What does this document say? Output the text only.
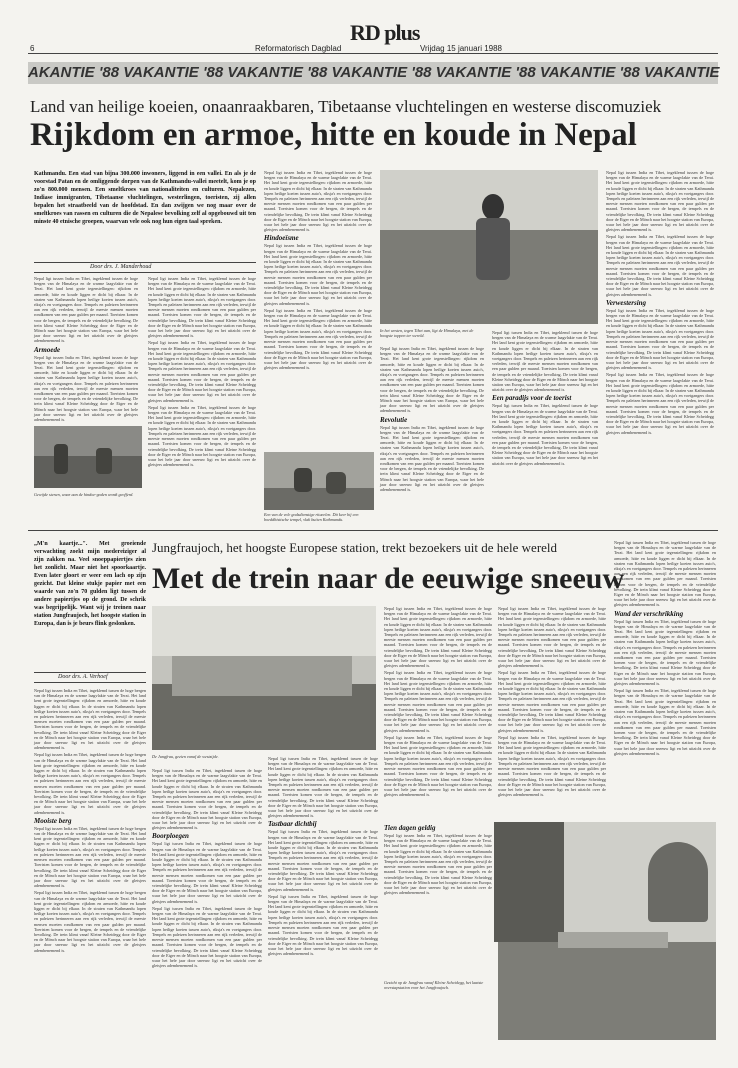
6	Reformatorisch Dagblad
RD plus
Vrijdag 15 januari 1988
AKANTIE '88 VAKANTIE '88 VAKANTIE '88 VAKANTIE '88 VAKANTIE '88 VAKANTIE '88 VAKANTIE
Land van heilige koeien, onaanraakbaren, Tibetaanse vluchtelingen en westerse discomuziek
Rijkdom en armoe, hitte en koude in Nepal
Kathmandu. Een stad van bijna 300.000 inwoners, liggend in een vallei. En als je de voorstad Patan en de omliggende dorpen van de Kathmandu-vallei meetelt, kom je op zo'n 800.000 mensen. Een smeltkroes van nationaliteiten en culturen. Nepalezen, Indiase immigranten, Tibetaanse vluchtelingen, westerlingen, toeristen, zij allen bepalen het straatbeeld van de hoofdstad. En dan zwijgen we nog maar over de smeltkroes van rassen en culturen die de Nepalese bevolking zelf al opgebouwd uit ten minste 40 etnische groepen, waarvan vele ook nog hun eigen taal spreken.
Door drs. J. Manderhoud

Nepal ligt tussen India en Tibet, ingeklemd tussen de hoge bergen van de Himalaya en de warme laagvlakte van de Terai. Het land kent grote tegenstellingen: rijkdom en armoede, hitte en koude liggen er dicht bij elkaar. In de straten van Kathmandu lopen heilige koeien tussen auto's, riksja's en voetgangers door. Tempels en paleizen herinneren aan een rijk verleden, terwijl de meeste mensen moeten rondkomen van een paar gulden per maand. Toeristen komen voor de bergen, de tempels en de vriendelijke bevolking. De trein klimt vanaf Kleine Scheidegg door de Eiger en de Mönch naar het hoogste station van Europa, waar het hele jaar door sneeuw ligt en het uitzicht over de gletsjers adembenemend is.

Armoede

Nepal ligt tussen India en Tibet, ingeklemd tussen de hoge bergen van de Himalaya en de warme laagvlakte van de Terai. Het land kent grote tegenstellingen: rijkdom en armoede, hitte en koude liggen er dicht bij elkaar. In de straten van Kathmandu lopen heilige koeien tussen auto's, riksja's en voetgangers door. Tempels en paleizen herinneren aan een rijk verleden, terwijl de meeste mensen moeten rondkomen van een paar gulden per maand. Toeristen komen voor de bergen, de tempels en de vriendelijke bevolking. De trein klimt vanaf Kleine Scheidegg door de Eiger en de Mönch naar het hoogste station van Europa, waar het hele jaar door sneeuw ligt en het uitzicht over de gletsjers adembenemend is.

Gewijde stenen, waar aan de hindoe-goden wordt geofferd.

Nepal ligt tussen India en Tibet, ingeklemd tussen de hoge bergen van de Himalaya en de warme laagvlakte van de Terai. Het land kent grote tegenstellingen: rijkdom en armoede, hitte en koude liggen er dicht bij elkaar. In de straten van Kathmandu lopen heilige koeien tussen auto's, riksja's en voetgangers door. Tempels en paleizen herinneren aan een rijk verleden, terwijl de meeste mensen moeten rondkomen van een paar gulden per maand. Toeristen komen voor de bergen, de tempels en de vriendelijke bevolking. De trein klimt vanaf Kleine Scheidegg door de Eiger en de Mönch naar het hoogste station van Europa, waar het hele jaar door sneeuw ligt en het uitzicht over de gletsjers adembenemend is.

Nepal ligt tussen India en Tibet, ingeklemd tussen de hoge bergen van de Himalaya en de warme laagvlakte van de Terai. Het land kent grote tegenstellingen: rijkdom en armoede, hitte en koude liggen er dicht bij elkaar. In de straten van Kathmandu lopen heilige koeien tussen auto's, riksja's en voetgangers door. Tempels en paleizen herinneren aan een rijk verleden, terwijl de meeste mensen moeten rondkomen van een paar gulden per maand. Toeristen komen voor de bergen, de tempels en de vriendelijke bevolking. De trein klimt vanaf Kleine Scheidegg door de Eiger en de Mönch naar het hoogste station van Europa, waar het hele jaar door sneeuw ligt en het uitzicht over de gletsjers adembenemend is.

Nepal ligt tussen India en Tibet, ingeklemd tussen de hoge bergen van de Himalaya en de warme laagvlakte van de Terai. Het land kent grote tegenstellingen: rijkdom en armoede, hitte en koude liggen er dicht bij elkaar. In de straten van Kathmandu lopen heilige koeien tussen auto's, riksja's en voetgangers door. Tempels en paleizen herinneren aan een rijk verleden, terwijl de meeste mensen moeten rondkomen van een paar gulden per maand. Toeristen komen voor de bergen, de tempels en de vriendelijke bevolking. De trein klimt vanaf Kleine Scheidegg door de Eiger en de Mönch naar het hoogste station van Europa, waar het hele jaar door sneeuw ligt en het uitzicht over de gletsjers adembenemend is.

Nepal ligt tussen India en Tibet, ingeklemd tussen de hoge bergen van de Himalaya en de warme laagvlakte van de Terai. Het land kent grote tegenstellingen: rijkdom en armoede, hitte en koude liggen er dicht bij elkaar. In de straten van Kathmandu lopen heilige koeien tussen auto's, riksja's en voetgangers door. Tempels en paleizen herinneren aan een rijk verleden, terwijl de meeste mensen moeten rondkomen van een paar gulden per maand. Toeristen komen voor de bergen, de tempels en de vriendelijke bevolking. De trein klimt vanaf Kleine Scheidegg door de Eiger en de Mönch naar het hoogste station van Europa, waar het hele jaar door sneeuw ligt en het uitzicht over de gletsjers adembenemend is.

Hindoeïsme

Nepal ligt tussen India en Tibet, ingeklemd tussen de hoge bergen van de Himalaya en de warme laagvlakte van de Terai. Het land kent grote tegenstellingen: rijkdom en armoede, hitte en koude liggen er dicht bij elkaar. In de straten van Kathmandu lopen heilige koeien tussen auto's, riksja's en voetgangers door. Tempels en paleizen herinneren aan een rijk verleden, terwijl de meeste mensen moeten rondkomen van een paar gulden per maand. Toeristen komen voor de bergen, de tempels en de vriendelijke bevolking. De trein klimt vanaf Kleine Scheidegg door de Eiger en de Mönch naar het hoogste station van Europa, waar het hele jaar door sneeuw ligt en het uitzicht over de gletsjers adembenemend is.

Nepal ligt tussen India en Tibet, ingeklemd tussen de hoge bergen van de Himalaya en de warme laagvlakte van de Terai. Het land kent grote tegenstellingen: rijkdom en armoede, hitte en koude liggen er dicht bij elkaar. In de straten van Kathmandu lopen heilige koeien tussen auto's, riksja's en voetgangers door. Tempels en paleizen herinneren aan een rijk verleden, terwijl de meeste mensen moeten rondkomen van een paar gulden per maand. Toeristen komen voor de bergen, de tempels en de vriendelijke bevolking. De trein klimt vanaf Kleine Scheidegg door de Eiger en de Mönch naar het hoogste station van Europa, waar het hele jaar door sneeuw ligt en het uitzicht over de gletsjers adembenemend is.

Een van de vele godsdienstige ritueelen. Dit keer bij een boeddhistische tempel, vlak buiten Kathmandu.
In het westen, tegen Tibet aan, ligt de Himalaya, met de hoogste toppen ter wereld.

Nepal ligt tussen India en Tibet, ingeklemd tussen de hoge bergen van de Himalaya en de warme laagvlakte van de Terai. Het land kent grote tegenstellingen: rijkdom en armoede, hitte en koude liggen er dicht bij elkaar. In de straten van Kathmandu lopen heilige koeien tussen auto's, riksja's en voetgangers door. Tempels en paleizen herinneren aan een rijk verleden, terwijl de meeste mensen moeten rondkomen van een paar gulden per maand. Toeristen komen voor de bergen, de tempels en de vriendelijke bevolking. De trein klimt vanaf Kleine Scheidegg door de Eiger en de Mönch naar het hoogste station van Europa, waar het hele jaar door sneeuw ligt en het uitzicht over de gletsjers adembenemend is.

Revolutie

Nepal ligt tussen India en Tibet, ingeklemd tussen de hoge bergen van de Himalaya en de warme laagvlakte van de Terai. Het land kent grote tegenstellingen: rijkdom en armoede, hitte en koude liggen er dicht bij elkaar. In de straten van Kathmandu lopen heilige koeien tussen auto's, riksja's en voetgangers door. Tempels en paleizen herinneren aan een rijk verleden, terwijl de meeste mensen moeten rondkomen van een paar gulden per maand. Toeristen komen voor de bergen, de tempels en de vriendelijke bevolking. De trein klimt vanaf Kleine Scheidegg door de Eiger en de Mönch naar het hoogste station van Europa, waar het hele jaar door sneeuw ligt en het uitzicht over de gletsjers adembenemend is.

Nepal ligt tussen India en Tibet, ingeklemd tussen de hoge bergen van de Himalaya en de warme laagvlakte van de Terai. Het land kent grote tegenstellingen: rijkdom en armoede, hitte en koude liggen er dicht bij elkaar. In de straten van Kathmandu lopen heilige koeien tussen auto's, riksja's en voetgangers door. Tempels en paleizen herinneren aan een rijk verleden, terwijl de meeste mensen moeten rondkomen van een paar gulden per maand. Toeristen komen voor de bergen, de tempels en de vriendelijke bevolking. De trein klimt vanaf Kleine Scheidegg door de Eiger en de Mönch naar het hoogste station van Europa, waar het hele jaar door sneeuw ligt en het uitzicht over de gletsjers adembenemend is.

Een paradijs voor de toerist

Nepal ligt tussen India en Tibet, ingeklemd tussen de hoge bergen van de Himalaya en de warme laagvlakte van de Terai. Het land kent grote tegenstellingen: rijkdom en armoede, hitte en koude liggen er dicht bij elkaar. In de straten van Kathmandu lopen heilige koeien tussen auto's, riksja's en voetgangers door. Tempels en paleizen herinneren aan een rijk verleden, terwijl de meeste mensen moeten rondkomen van een paar gulden per maand. Toeristen komen voor de bergen, de tempels en de vriendelijke bevolking. De trein klimt vanaf Kleine Scheidegg door de Eiger en de Mönch naar het hoogste station van Europa, waar het hele jaar door sneeuw ligt en het uitzicht over de gletsjers adembenemend is.

Nepal ligt tussen India en Tibet, ingeklemd tussen de hoge bergen van de Himalaya en de warme laagvlakte van de Terai. Het land kent grote tegenstellingen: rijkdom en armoede, hitte en koude liggen er dicht bij elkaar. In de straten van Kathmandu lopen heilige koeien tussen auto's, riksja's en voetgangers door. Tempels en paleizen herinneren aan een rijk verleden, terwijl de meeste mensen moeten rondkomen van een paar gulden per maand. Toeristen komen voor de bergen, de tempels en de vriendelijke bevolking. De trein klimt vanaf Kleine Scheidegg door de Eiger en de Mönch naar het hoogste station van Europa, waar het hele jaar door sneeuw ligt en het uitzicht over de gletsjers adembenemend is.

Nepal ligt tussen India en Tibet, ingeklemd tussen de hoge bergen van de Himalaya en de warme laagvlakte van de Terai. Het land kent grote tegenstellingen: rijkdom en armoede, hitte en koude liggen er dicht bij elkaar. In de straten van Kathmandu lopen heilige koeien tussen auto's, riksja's en voetgangers door. Tempels en paleizen herinneren aan een rijk verleden, terwijl de meeste mensen moeten rondkomen van een paar gulden per maand. Toeristen komen voor de bergen, de tempels en de vriendelijke bevolking. De trein klimt vanaf Kleine Scheidegg door de Eiger en de Mönch naar het hoogste station van Europa, waar het hele jaar door sneeuw ligt en het uitzicht over de gletsjers adembenemend is.

Verwestersing

Nepal ligt tussen India en Tibet, ingeklemd tussen de hoge bergen van de Himalaya en de warme laagvlakte van de Terai. Het land kent grote tegenstellingen: rijkdom en armoede, hitte en koude liggen er dicht bij elkaar. In de straten van Kathmandu lopen heilige koeien tussen auto's, riksja's en voetgangers door. Tempels en paleizen herinneren aan een rijk verleden, terwijl de meeste mensen moeten rondkomen van een paar gulden per maand. Toeristen komen voor de bergen, de tempels en de vriendelijke bevolking. De trein klimt vanaf Kleine Scheidegg door de Eiger en de Mönch naar het hoogste station van Europa, waar het hele jaar door sneeuw ligt en het uitzicht over de gletsjers adembenemend is.

Nepal ligt tussen India en Tibet, ingeklemd tussen de hoge bergen van de Himalaya en de warme laagvlakte van de Terai. Het land kent grote tegenstellingen: rijkdom en armoede, hitte en koude liggen er dicht bij elkaar. In de straten van Kathmandu lopen heilige koeien tussen auto's, riksja's en voetgangers door. Tempels en paleizen herinneren aan een rijk verleden, terwijl de meeste mensen moeten rondkomen van een paar gulden per maand. Toeristen komen voor de bergen, de tempels en de vriendelijke bevolking. De trein klimt vanaf Kleine Scheidegg door de Eiger en de Mönch naar het hoogste station van Europa, waar het hele jaar door sneeuw ligt en het uitzicht over de gletsjers adembenemend is.

„M'n kaartje...". Met groeiende verwachting zoekt mijn medereiziger al zijn zakken na. Veel snoeppapiertjes zien het zonlicht. Maar niet het spoorkaartje. Even later gloort er weer een lach op zijn gezicht. Dat kleine stukje papier met een waarde van zo'n 70 gulden ligt tussen de andere papiertjes op de grond. De schrik was begrijpelijk. Want wij je treinen naar station Jungfraujoch, het hoogste station in Europa, dan is je beurs flink geslonken.
Door drs. A. Verhoef
Jungfraujoch, het hoogste Europese station, trekt bezoekers uit de hele wereld
Met de trein naar de eeuwige sneeuw

Nepal ligt tussen India en Tibet, ingeklemd tussen de hoge bergen van de Himalaya en de warme laagvlakte van de Terai. Het land kent grote tegenstellingen: rijkdom en armoede, hitte en koude liggen er dicht bij elkaar. In de straten van Kathmandu lopen heilige koeien tussen auto's, riksja's en voetgangers door. Tempels en paleizen herinneren aan een rijk verleden, terwijl de meeste mensen moeten rondkomen van een paar gulden per maand. Toeristen komen voor de bergen, de tempels en de vriendelijke bevolking. De trein klimt vanaf Kleine Scheidegg door de Eiger en de Mönch naar het hoogste station van Europa, waar het hele jaar door sneeuw ligt en het uitzicht over de gletsjers adembenemend is.

Nepal ligt tussen India en Tibet, ingeklemd tussen de hoge bergen van de Himalaya en de warme laagvlakte van de Terai. Het land kent grote tegenstellingen: rijkdom en armoede, hitte en koude liggen er dicht bij elkaar. In de straten van Kathmandu lopen heilige koeien tussen auto's, riksja's en voetgangers door. Tempels en paleizen herinneren aan een rijk verleden, terwijl de meeste mensen moeten rondkomen van een paar gulden per maand. Toeristen komen voor de bergen, de tempels en de vriendelijke bevolking. De trein klimt vanaf Kleine Scheidegg door de Eiger en de Mönch naar het hoogste station van Europa, waar het hele jaar door sneeuw ligt en het uitzicht over de gletsjers adembenemend is.

Mooiste berg

Nepal ligt tussen India en Tibet, ingeklemd tussen de hoge bergen van de Himalaya en de warme laagvlakte van de Terai. Het land kent grote tegenstellingen: rijkdom en armoede, hitte en koude liggen er dicht bij elkaar. In de straten van Kathmandu lopen heilige koeien tussen auto's, riksja's en voetgangers door. Tempels en paleizen herinneren aan een rijk verleden, terwijl de meeste mensen moeten rondkomen van een paar gulden per maand. Toeristen komen voor de bergen, de tempels en de vriendelijke bevolking. De trein klimt vanaf Kleine Scheidegg door de Eiger en de Mönch naar het hoogste station van Europa, waar het hele jaar door sneeuw ligt en het uitzicht over de gletsjers adembenemend is.

Nepal ligt tussen India en Tibet, ingeklemd tussen de hoge bergen van de Himalaya en de warme laagvlakte van de Terai. Het land kent grote tegenstellingen: rijkdom en armoede, hitte en koude liggen er dicht bij elkaar. In de straten van Kathmandu lopen heilige koeien tussen auto's, riksja's en voetgangers door. Tempels en paleizen herinneren aan een rijk verleden, terwijl de meeste mensen moeten rondkomen van een paar gulden per maand. Toeristen komen voor de bergen, de tempels en de vriendelijke bevolking. De trein klimt vanaf Kleine Scheidegg door de Eiger en de Mönch naar het hoogste station van Europa, waar het hele jaar door sneeuw ligt en het uitzicht over de gletsjers adembenemend is.

De Jungfrau, gezien vanaf de westzijde.

Nepal ligt tussen India en Tibet, ingeklemd tussen de hoge bergen van de Himalaya en de warme laagvlakte van de Terai. Het land kent grote tegenstellingen: rijkdom en armoede, hitte en koude liggen er dicht bij elkaar. In de straten van Kathmandu lopen heilige koeien tussen auto's, riksja's en voetgangers door. Tempels en paleizen herinneren aan een rijk verleden, terwijl de meeste mensen moeten rondkomen van een paar gulden per maand. Toeristen komen voor de bergen, de tempels en de vriendelijke bevolking. De trein klimt vanaf Kleine Scheidegg door de Eiger en de Mönch naar het hoogste station van Europa, waar het hele jaar door sneeuw ligt en het uitzicht over de gletsjers adembenemend is.

Boorploegen

Nepal ligt tussen India en Tibet, ingeklemd tussen de hoge bergen van de Himalaya en de warme laagvlakte van de Terai. Het land kent grote tegenstellingen: rijkdom en armoede, hitte en koude liggen er dicht bij elkaar. In de straten van Kathmandu lopen heilige koeien tussen auto's, riksja's en voetgangers door. Tempels en paleizen herinneren aan een rijk verleden, terwijl de meeste mensen moeten rondkomen van een paar gulden per maand. Toeristen komen voor de bergen, de tempels en de vriendelijke bevolking. De trein klimt vanaf Kleine Scheidegg door de Eiger en de Mönch naar het hoogste station van Europa, waar het hele jaar door sneeuw ligt en het uitzicht over de gletsjers adembenemend is.

Nepal ligt tussen India en Tibet, ingeklemd tussen de hoge bergen van de Himalaya en de warme laagvlakte van de Terai. Het land kent grote tegenstellingen: rijkdom en armoede, hitte en koude liggen er dicht bij elkaar. In de straten van Kathmandu lopen heilige koeien tussen auto's, riksja's en voetgangers door. Tempels en paleizen herinneren aan een rijk verleden, terwijl de meeste mensen moeten rondkomen van een paar gulden per maand. Toeristen komen voor de bergen, de tempels en de vriendelijke bevolking. De trein klimt vanaf Kleine Scheidegg door de Eiger en de Mönch naar het hoogste station van Europa, waar het hele jaar door sneeuw ligt en het uitzicht over de gletsjers adembenemend is.

Nepal ligt tussen India en Tibet, ingeklemd tussen de hoge bergen van de Himalaya en de warme laagvlakte van de Terai. Het land kent grote tegenstellingen: rijkdom en armoede, hitte en koude liggen er dicht bij elkaar. In de straten van Kathmandu lopen heilige koeien tussen auto's, riksja's en voetgangers door. Tempels en paleizen herinneren aan een rijk verleden, terwijl de meeste mensen moeten rondkomen van een paar gulden per maand. Toeristen komen voor de bergen, de tempels en de vriendelijke bevolking. De trein klimt vanaf Kleine Scheidegg door de Eiger en de Mönch naar het hoogste station van Europa, waar het hele jaar door sneeuw ligt en het uitzicht over de gletsjers adembenemend is.

Tastbaar dichtbij

Nepal ligt tussen India en Tibet, ingeklemd tussen de hoge bergen van de Himalaya en de warme laagvlakte van de Terai. Het land kent grote tegenstellingen: rijkdom en armoede, hitte en koude liggen er dicht bij elkaar. In de straten van Kathmandu lopen heilige koeien tussen auto's, riksja's en voetgangers door. Tempels en paleizen herinneren aan een rijk verleden, terwijl de meeste mensen moeten rondkomen van een paar gulden per maand. Toeristen komen voor de bergen, de tempels en de vriendelijke bevolking. De trein klimt vanaf Kleine Scheidegg door de Eiger en de Mönch naar het hoogste station van Europa, waar het hele jaar door sneeuw ligt en het uitzicht over de gletsjers adembenemend is.

Nepal ligt tussen India en Tibet, ingeklemd tussen de hoge bergen van de Himalaya en de warme laagvlakte van de Terai. Het land kent grote tegenstellingen: rijkdom en armoede, hitte en koude liggen er dicht bij elkaar. In de straten van Kathmandu lopen heilige koeien tussen auto's, riksja's en voetgangers door. Tempels en paleizen herinneren aan een rijk verleden, terwijl de meeste mensen moeten rondkomen van een paar gulden per maand. Toeristen komen voor de bergen, de tempels en de vriendelijke bevolking. De trein klimt vanaf Kleine Scheidegg door de Eiger en de Mönch naar het hoogste station van Europa, waar het hele jaar door sneeuw ligt en het uitzicht over de gletsjers adembenemend is.

Nepal ligt tussen India en Tibet, ingeklemd tussen de hoge bergen van de Himalaya en de warme laagvlakte van de Terai. Het land kent grote tegenstellingen: rijkdom en armoede, hitte en koude liggen er dicht bij elkaar. In de straten van Kathmandu lopen heilige koeien tussen auto's, riksja's en voetgangers door. Tempels en paleizen herinneren aan een rijk verleden, terwijl de meeste mensen moeten rondkomen van een paar gulden per maand. Toeristen komen voor de bergen, de tempels en de vriendelijke bevolking. De trein klimt vanaf Kleine Scheidegg door de Eiger en de Mönch naar het hoogste station van Europa, waar het hele jaar door sneeuw ligt en het uitzicht over de gletsjers adembenemend is.

Nepal ligt tussen India en Tibet, ingeklemd tussen de hoge bergen van de Himalaya en de warme laagvlakte van de Terai. Het land kent grote tegenstellingen: rijkdom en armoede, hitte en koude liggen er dicht bij elkaar. In de straten van Kathmandu lopen heilige koeien tussen auto's, riksja's en voetgangers door. Tempels en paleizen herinneren aan een rijk verleden, terwijl de meeste mensen moeten rondkomen van een paar gulden per maand. Toeristen komen voor de bergen, de tempels en de vriendelijke bevolking. De trein klimt vanaf Kleine Scheidegg door de Eiger en de Mönch naar het hoogste station van Europa, waar het hele jaar door sneeuw ligt en het uitzicht over de gletsjers adembenemend is.

Nepal ligt tussen India en Tibet, ingeklemd tussen de hoge bergen van de Himalaya en de warme laagvlakte van de Terai. Het land kent grote tegenstellingen: rijkdom en armoede, hitte en koude liggen er dicht bij elkaar. In de straten van Kathmandu lopen heilige koeien tussen auto's, riksja's en voetgangers door. Tempels en paleizen herinneren aan een rijk verleden, terwijl de meeste mensen moeten rondkomen van een paar gulden per maand. Toeristen komen voor de bergen, de tempels en de vriendelijke bevolking. De trein klimt vanaf Kleine Scheidegg door de Eiger en de Mönch naar het hoogste station van Europa, waar het hele jaar door sneeuw ligt en het uitzicht over de gletsjers adembenemend is.

Nepal ligt tussen India en Tibet, ingeklemd tussen de hoge bergen van de Himalaya en de warme laagvlakte van de Terai. Het land kent grote tegenstellingen: rijkdom en armoede, hitte en koude liggen er dicht bij elkaar. In de straten van Kathmandu lopen heilige koeien tussen auto's, riksja's en voetgangers door. Tempels en paleizen herinneren aan een rijk verleden, terwijl de meeste mensen moeten rondkomen van een paar gulden per maand. Toeristen komen voor de bergen, de tempels en de vriendelijke bevolking. De trein klimt vanaf Kleine Scheidegg door de Eiger en de Mönch naar het hoogste station van Europa, waar het hele jaar door sneeuw ligt en het uitzicht over de gletsjers adembenemend is.

Nepal ligt tussen India en Tibet, ingeklemd tussen de hoge bergen van de Himalaya en de warme laagvlakte van de Terai. Het land kent grote tegenstellingen: rijkdom en armoede, hitte en koude liggen er dicht bij elkaar. In de straten van Kathmandu lopen heilige koeien tussen auto's, riksja's en voetgangers door. Tempels en paleizen herinneren aan een rijk verleden, terwijl de meeste mensen moeten rondkomen van een paar gulden per maand. Toeristen komen voor de bergen, de tempels en de vriendelijke bevolking. De trein klimt vanaf Kleine Scheidegg door de Eiger en de Mönch naar het hoogste station van Europa, waar het hele jaar door sneeuw ligt en het uitzicht over de gletsjers adembenemend is.

Nepal ligt tussen India en Tibet, ingeklemd tussen de hoge bergen van de Himalaya en de warme laagvlakte van de Terai. Het land kent grote tegenstellingen: rijkdom en armoede, hitte en koude liggen er dicht bij elkaar. In de straten van Kathmandu lopen heilige koeien tussen auto's, riksja's en voetgangers door. Tempels en paleizen herinneren aan een rijk verleden, terwijl de meeste mensen moeten rondkomen van een paar gulden per maand. Toeristen komen voor de bergen, de tempels en de vriendelijke bevolking. De trein klimt vanaf Kleine Scheidegg door de Eiger en de Mönch naar het hoogste station van Europa, waar het hele jaar door sneeuw ligt en het uitzicht over de gletsjers adembenemend is.

Nepal ligt tussen India en Tibet, ingeklemd tussen de hoge bergen van de Himalaya en de warme laagvlakte van de Terai. Het land kent grote tegenstellingen: rijkdom en armoede, hitte en koude liggen er dicht bij elkaar. In de straten van Kathmandu lopen heilige koeien tussen auto's, riksja's en voetgangers door. Tempels en paleizen herinneren aan een rijk verleden, terwijl de meeste mensen moeten rondkomen van een paar gulden per maand. Toeristen komen voor de bergen, de tempels en de vriendelijke bevolking. De trein klimt vanaf Kleine Scheidegg door de Eiger en de Mönch naar het hoogste station van Europa, waar het hele jaar door sneeuw ligt en het uitzicht over de gletsjers adembenemend is.

Wand der verschrikking

Nepal ligt tussen India en Tibet, ingeklemd tussen de hoge bergen van de Himalaya en de warme laagvlakte van de Terai. Het land kent grote tegenstellingen: rijkdom en armoede, hitte en koude liggen er dicht bij elkaar. In de straten van Kathmandu lopen heilige koeien tussen auto's, riksja's en voetgangers door. Tempels en paleizen herinneren aan een rijk verleden, terwijl de meeste mensen moeten rondkomen van een paar gulden per maand. Toeristen komen voor de bergen, de tempels en de vriendelijke bevolking. De trein klimt vanaf Kleine Scheidegg door de Eiger en de Mönch naar het hoogste station van Europa, waar het hele jaar door sneeuw ligt en het uitzicht over de gletsjers adembenemend is.

Nepal ligt tussen India en Tibet, ingeklemd tussen de hoge bergen van de Himalaya en de warme laagvlakte van de Terai. Het land kent grote tegenstellingen: rijkdom en armoede, hitte en koude liggen er dicht bij elkaar. In de straten van Kathmandu lopen heilige koeien tussen auto's, riksja's en voetgangers door. Tempels en paleizen herinneren aan een rijk verleden, terwijl de meeste mensen moeten rondkomen van een paar gulden per maand. Toeristen komen voor de bergen, de tempels en de vriendelijke bevolking. De trein klimt vanaf Kleine Scheidegg door de Eiger en de Mönch naar het hoogste station van Europa, waar het hele jaar door sneeuw ligt en het uitzicht over de gletsjers adembenemend is.

Tien dagen geldig

Nepal ligt tussen India en Tibet, ingeklemd tussen de hoge bergen van de Himalaya en de warme laagvlakte van de Terai. Het land kent grote tegenstellingen: rijkdom en armoede, hitte en koude liggen er dicht bij elkaar. In de straten van Kathmandu lopen heilige koeien tussen auto's, riksja's en voetgangers door. Tempels en paleizen herinneren aan een rijk verleden, terwijl de meeste mensen moeten rondkomen van een paar gulden per maand. Toeristen komen voor de bergen, de tempels en de vriendelijke bevolking. De trein klimt vanaf Kleine Scheidegg door de Eiger en de Mönch naar het hoogste station van Europa, waar het hele jaar door sneeuw ligt en het uitzicht over de gletsjers adembenemend is.

Gezicht op de Jungfrau vanaf Kleine Scheidegg, het laatste overstapstation voor het Jungfraujoch.
